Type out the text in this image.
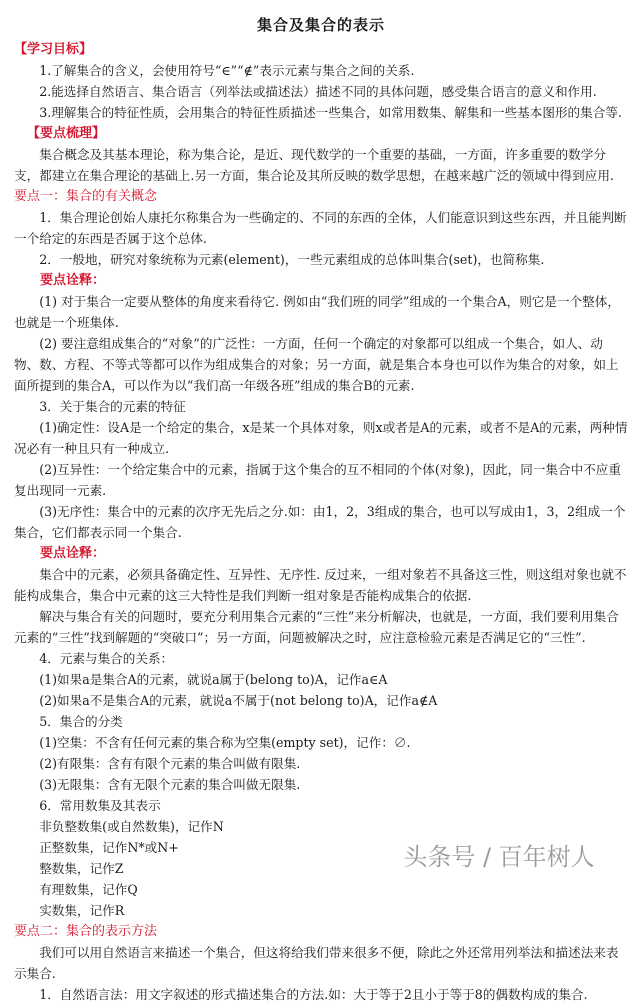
集合及集合的表示

【学习目标】

1.了解集合的含义，会使用符号“∈”“∉”表示元素与集合之间的关系.

2.能选择自然语言、集合语言（列举法或描述法）描述不同的具体问题，感受集合语言的意义和作用.

3.理解集合的特征性质，会用集合的特征性质描述一些集合，如常用数集、解集和一些基本图形的集合等.

【要点梳理】

集合概念及其基本理论，称为集合论，是近、现代数学的一个重要的基础，一方面，许多重要的数学分支，都建立在集合理论的基础上.另一方面，集合论及其所反映的数学思想，在越来越广泛的领域中得到应用.

要点一：集合的有关概念

1．集合理论创始人康托尔称集合为一些确定的、不同的东西的全体，人们能意识到这些东西，并且能判断一个给定的东西是否属于这个总体.

2．一般地，研究对象统称为元素(element)，一些元素组成的总体叫集合(set)，也简称集.

要点诠释：

(1) 对于集合一定要从整体的角度来看待它. 例如由“我们班的同学”组成的一个集合A，则它是一个整体，也就是一个班集体.

(2) 要注意组成集合的“对象”的广泛性：一方面，任何一个确定的对象都可以组成一个集合，如人、动物、数、方程、不等式等都可以作为组成集合的对象；另一方面，就是集合本身也可以作为集合的对象，如上面所提到的集合A，可以作为以“我们高一年级各班”组成的集合B的元素.

3．关于集合的元素的特征

(1)确定性：设A是一个给定的集合，x是某一个具体对象，则x或者是A的元素，或者不是A的元素，两种情况必有一种且只有一种成立.

(2)互异性：一个给定集合中的元素，指属于这个集合的互不相同的个体(对象)，因此，同一集合中不应重复出现同一元素.

(3)无序性：集合中的元素的次序无先后之分.如：由1，2，3组成的集合，也可以写成由1，3，2组成一个集合，它们都表示同一个集合.

要点诠释：

集合中的元素，必须具备确定性、互异性、无序性. 反过来，一组对象若不具备这三性，则这组对象也就不能构成集合，集合中元素的这三大特性是我们判断一组对象是否能构成集合的依据.

解决与集合有关的问题时，要充分利用集合元素的“三性”来分析解决，也就是，一方面，我们要利用集合元素的“三性”找到解题的“突破口”；另一方面，问题被解决之时，应注意检验元素是否满足它的“三性”.

4．元素与集合的关系：

(1)如果a是集合A的元素，就说a属于(belong to)A，记作a∈A

(2)如果a不是集合A的元素，就说a不属于(not belong to)A，记作a∉A

5．集合的分类

(1)空集：不含有任何元素的集合称为空集(empty set)，记作：∅.

(2)有限集：含有有限个元素的集合叫做有限集.

(3)无限集：含有无限个元素的集合叫做无限集.

6．常用数集及其表示

非负整数集(或自然数集)，记作N

正整数集，记作N*或N+

整数集，记作Z

有理数集，记作Q

实数集，记作R

要点二：集合的表示方法

我们可以用自然语言来描述一个集合，但这将给我们带来很多不便，除此之外还常用列举法和描述法来表示集合.

1．自然语言法：用文字叙述的形式描述集合的方法.如：大于等于2且小于等于8的偶数构成的集合.

头条号 / 百年树人
